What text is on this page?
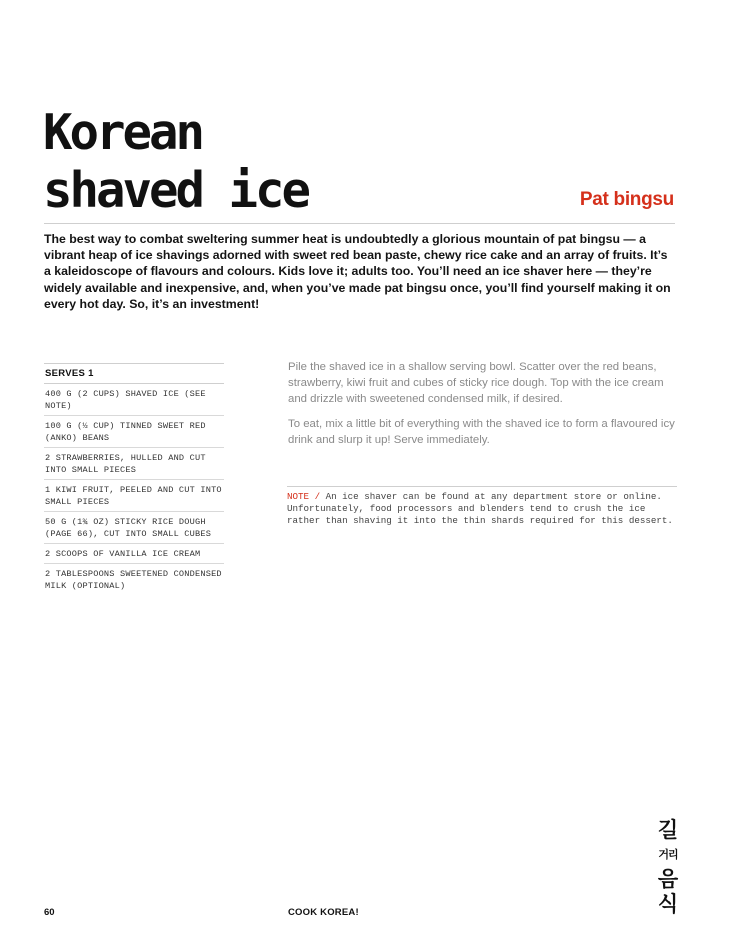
Korean
shaved ice	Pat bingsu

The best way to combat sweltering summer heat is undoubtedly a glorious mountain of pat bingsu — a vibrant heap of ice shavings adorned with sweet red bean paste, chewy rice cake and an array of fruits. It’s a kaleidoscope of flavours and colours. Kids love it; adults too. You’ll need an ice shaver here — they’re widely available and inexpensive, and, when you’ve made pat bingsu once, you’ll find yourself making it on every hot day. So, it’s an investment!

SERVES 1
400 G (2 CUPS) SHAVED ICE (SEE NOTE)
100 G (½ CUP) TINNED SWEET RED (ANKO) BEANS
2 STRAWBERRIES, HULLED AND CUT INTO SMALL PIECES
1 KIWI FRUIT, PEELED AND CUT INTO SMALL PIECES
50 G (1¾ OZ) STICKY RICE DOUGH (PAGE 66), CUT INTO SMALL CUBES
2 SCOOPS OF VANILLA ICE CREAM
2 TABLESPOONS SWEETENED CONDENSED MILK (OPTIONAL)

Pile the shaved ice in a shallow serving bowl. Scatter over the red beans, strawberry, kiwi fruit and cubes of sticky rice dough. Top with the ice cream and drizzle with sweetened condensed milk, if desired.

To eat, mix a little bit of everything with the shaved ice to form a flavoured icy drink and slurp it up! Serve immediately.

NOTE / An ice shaver can be found at any department store or online. Unfortunately, food processors and blenders tend to crush the ice rather than shaving it into the thin shards required for this dessert.
길
거리
음
식
60	COOK KOREA!
